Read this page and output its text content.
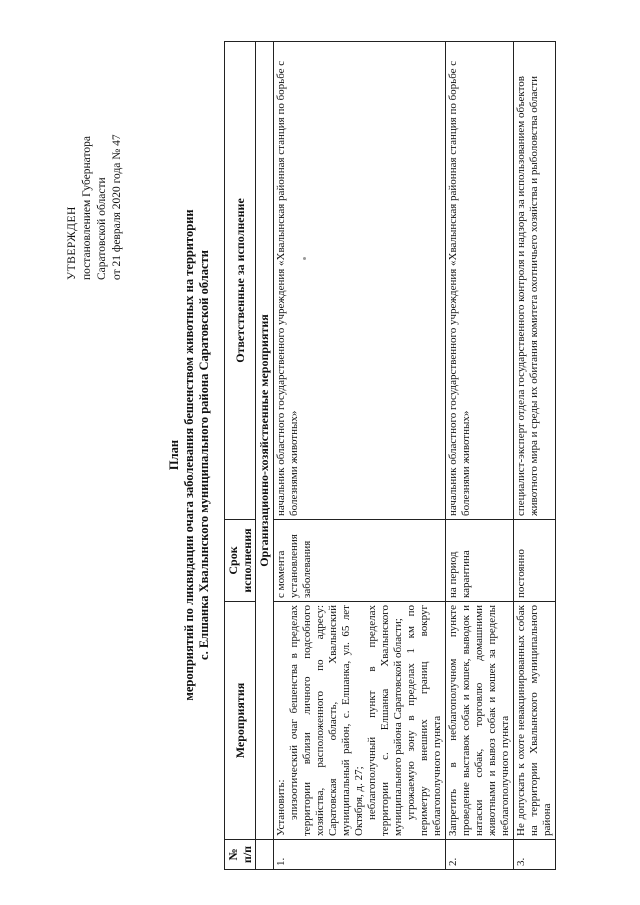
УТВЕРЖДЕН постановлением Губернатора Саратовской области от 21 февраля 2020 года № 47
План мероприятий по ликвидации очага заболевания бешенством животных на территории с. Елшанка Хвалынского муниципального района Саратовской области
№ п/п	Мероприятия	Срок исполнения	Ответственные за исполнение
	Организационно-хозяйственные мероприятия		
1.	Установить: эпизоотический очаг бешенства в пределах территории вблизи личного подсобного хозяйства, расположенного по адресу: Саратовская область, Хвалынский муниципальный район, с. Елшанка, ул. 65 лет Октября, д. 27; неблагополучный пункт в пределах территории с. Елшанка Хвалынского муниципального района Саратовской области; угрожаемую зону в пределах 1 км по периметру внешних границ вокруг неблагополучного пункта	с момента установления заболевания	начальник областного государственного учреждения «Хвалынская районная станция по борьбе с болезнями животных»
2.	Запретить в неблагополучном пункте проведение выставок собак и кошек, выводок и натаски собак, торговлю домашними животными и вывоз собак и кошек за пределы неблагополучного пункта	на период карантина	начальник областного государственного учреждения «Хвалынская районная станция по борьбе с болезнями животных»
3.	Не допускать к охоте невакцинированных собак на территории Хвалынского муниципального района	постоянно	специалист-эксперт отдела государственного контроля и надзора за использованием объектов животного мира и среды их обитания комитета охотничьего хозяйства и рыболовства области
